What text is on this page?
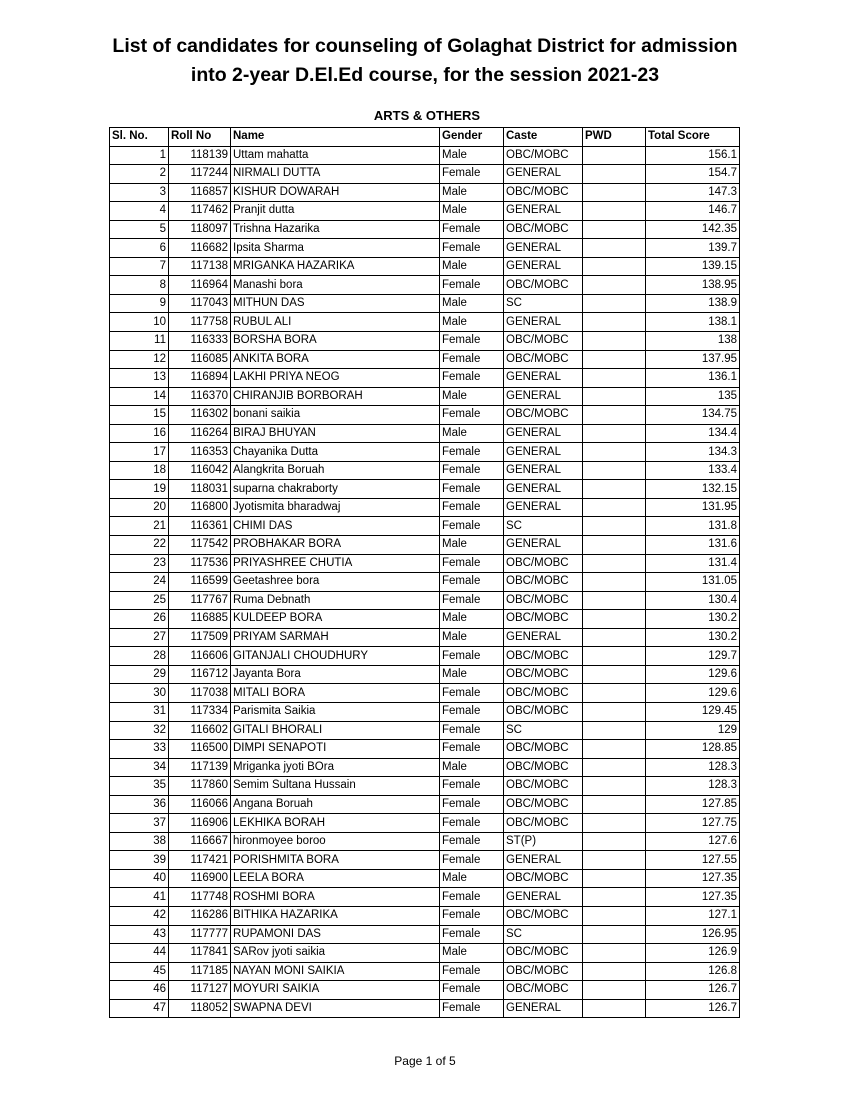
List of candidates for counseling of Golaghat District for admission
into 2-year D.El.Ed course, for the session 2021-23
ARTS & OTHERS
Sl. No.	Roll No	Name	Gender	Caste	PWD	Total Score
1	118139	Uttam mahatta	Male	OBC/MOBC		156.1
2	117244	NIRMALI DUTTA	Female	GENERAL		154.7
3	116857	KISHUR DOWARAH	Male	OBC/MOBC		147.3
4	117462	Pranjit dutta	Male	GENERAL		146.7
5	118097	Trishna Hazarika	Female	OBC/MOBC		142.35
6	116682	Ipsita Sharma	Female	GENERAL		139.7
7	117138	MRIGANKA HAZARIKA	Male	GENERAL		139.15
8	116964	Manashi bora	Female	OBC/MOBC		138.95
9	117043	MITHUN DAS	Male	SC		138.9
10	117758	RUBUL ALI	Male	GENERAL		138.1
11	116333	BORSHA BORA	Female	OBC/MOBC		138
12	116085	ANKITA BORA	Female	OBC/MOBC		137.95
13	116894	LAKHI PRIYA NEOG	Female	GENERAL		136.1
14	116370	CHIRANJIB BORBORAH	Male	GENERAL		135
15	116302	bonani saikia	Female	OBC/MOBC		134.75
16	116264	BIRAJ BHUYAN	Male	GENERAL		134.4
17	116353	Chayanika Dutta	Female	GENERAL		134.3
18	116042	Alangkrita Boruah	Female	GENERAL		133.4
19	118031	suparna chakraborty	Female	GENERAL		132.15
20	116800	Jyotismita bharadwaj	Female	GENERAL		131.95
21	116361	CHIMI DAS	Female	SC		131.8
22	117542	PROBHAKAR BORA	Male	GENERAL		131.6
23	117536	PRIYASHREE CHUTIA	Female	OBC/MOBC		131.4
24	116599	Geetashree bora	Female	OBC/MOBC		131.05
25	117767	Ruma Debnath	Female	OBC/MOBC		130.4
26	116885	KULDEEP BORA	Male	OBC/MOBC		130.2
27	117509	PRIYAM SARMAH	Male	GENERAL		130.2
28	116606	GITANJALI CHOUDHURY	Female	OBC/MOBC		129.7
29	116712	Jayanta Bora	Male	OBC/MOBC		129.6
30	117038	MITALI BORA	Female	OBC/MOBC		129.6
31	117334	Parismita Saikia	Female	OBC/MOBC		129.45
32	116602	GITALI BHORALI	Female	SC		129
33	116500	DIMPI SENAPOTI	Female	OBC/MOBC		128.85
34	117139	Mriganka jyoti BOra	Male	OBC/MOBC		128.3
35	117860	Semim Sultana Hussain	Female	OBC/MOBC		128.3
36	116066	Angana Boruah	Female	OBC/MOBC		127.85
37	116906	LEKHIKA BORAH	Female	OBC/MOBC		127.75
38	116667	hironmoyee boroo	Female	ST(P)		127.6
39	117421	PORISHMITA BORA	Female	GENERAL		127.55
40	116900	LEELA BORA	Male	OBC/MOBC		127.35
41	117748	ROSHMI BORA	Female	GENERAL		127.35
42	116286	BITHIKA HAZARIKA	Female	OBC/MOBC		127.1
43	117777	RUPAMONI DAS	Female	SC		126.95
44	117841	SARov jyoti saikia	Male	OBC/MOBC		126.9
45	117185	NAYAN MONI SAIKIA	Female	OBC/MOBC		126.8
46	117127	MOYURI SAIKIA	Female	OBC/MOBC		126.7
47	118052	SWAPNA DEVI	Female	GENERAL		126.7
Page 1 of 5
